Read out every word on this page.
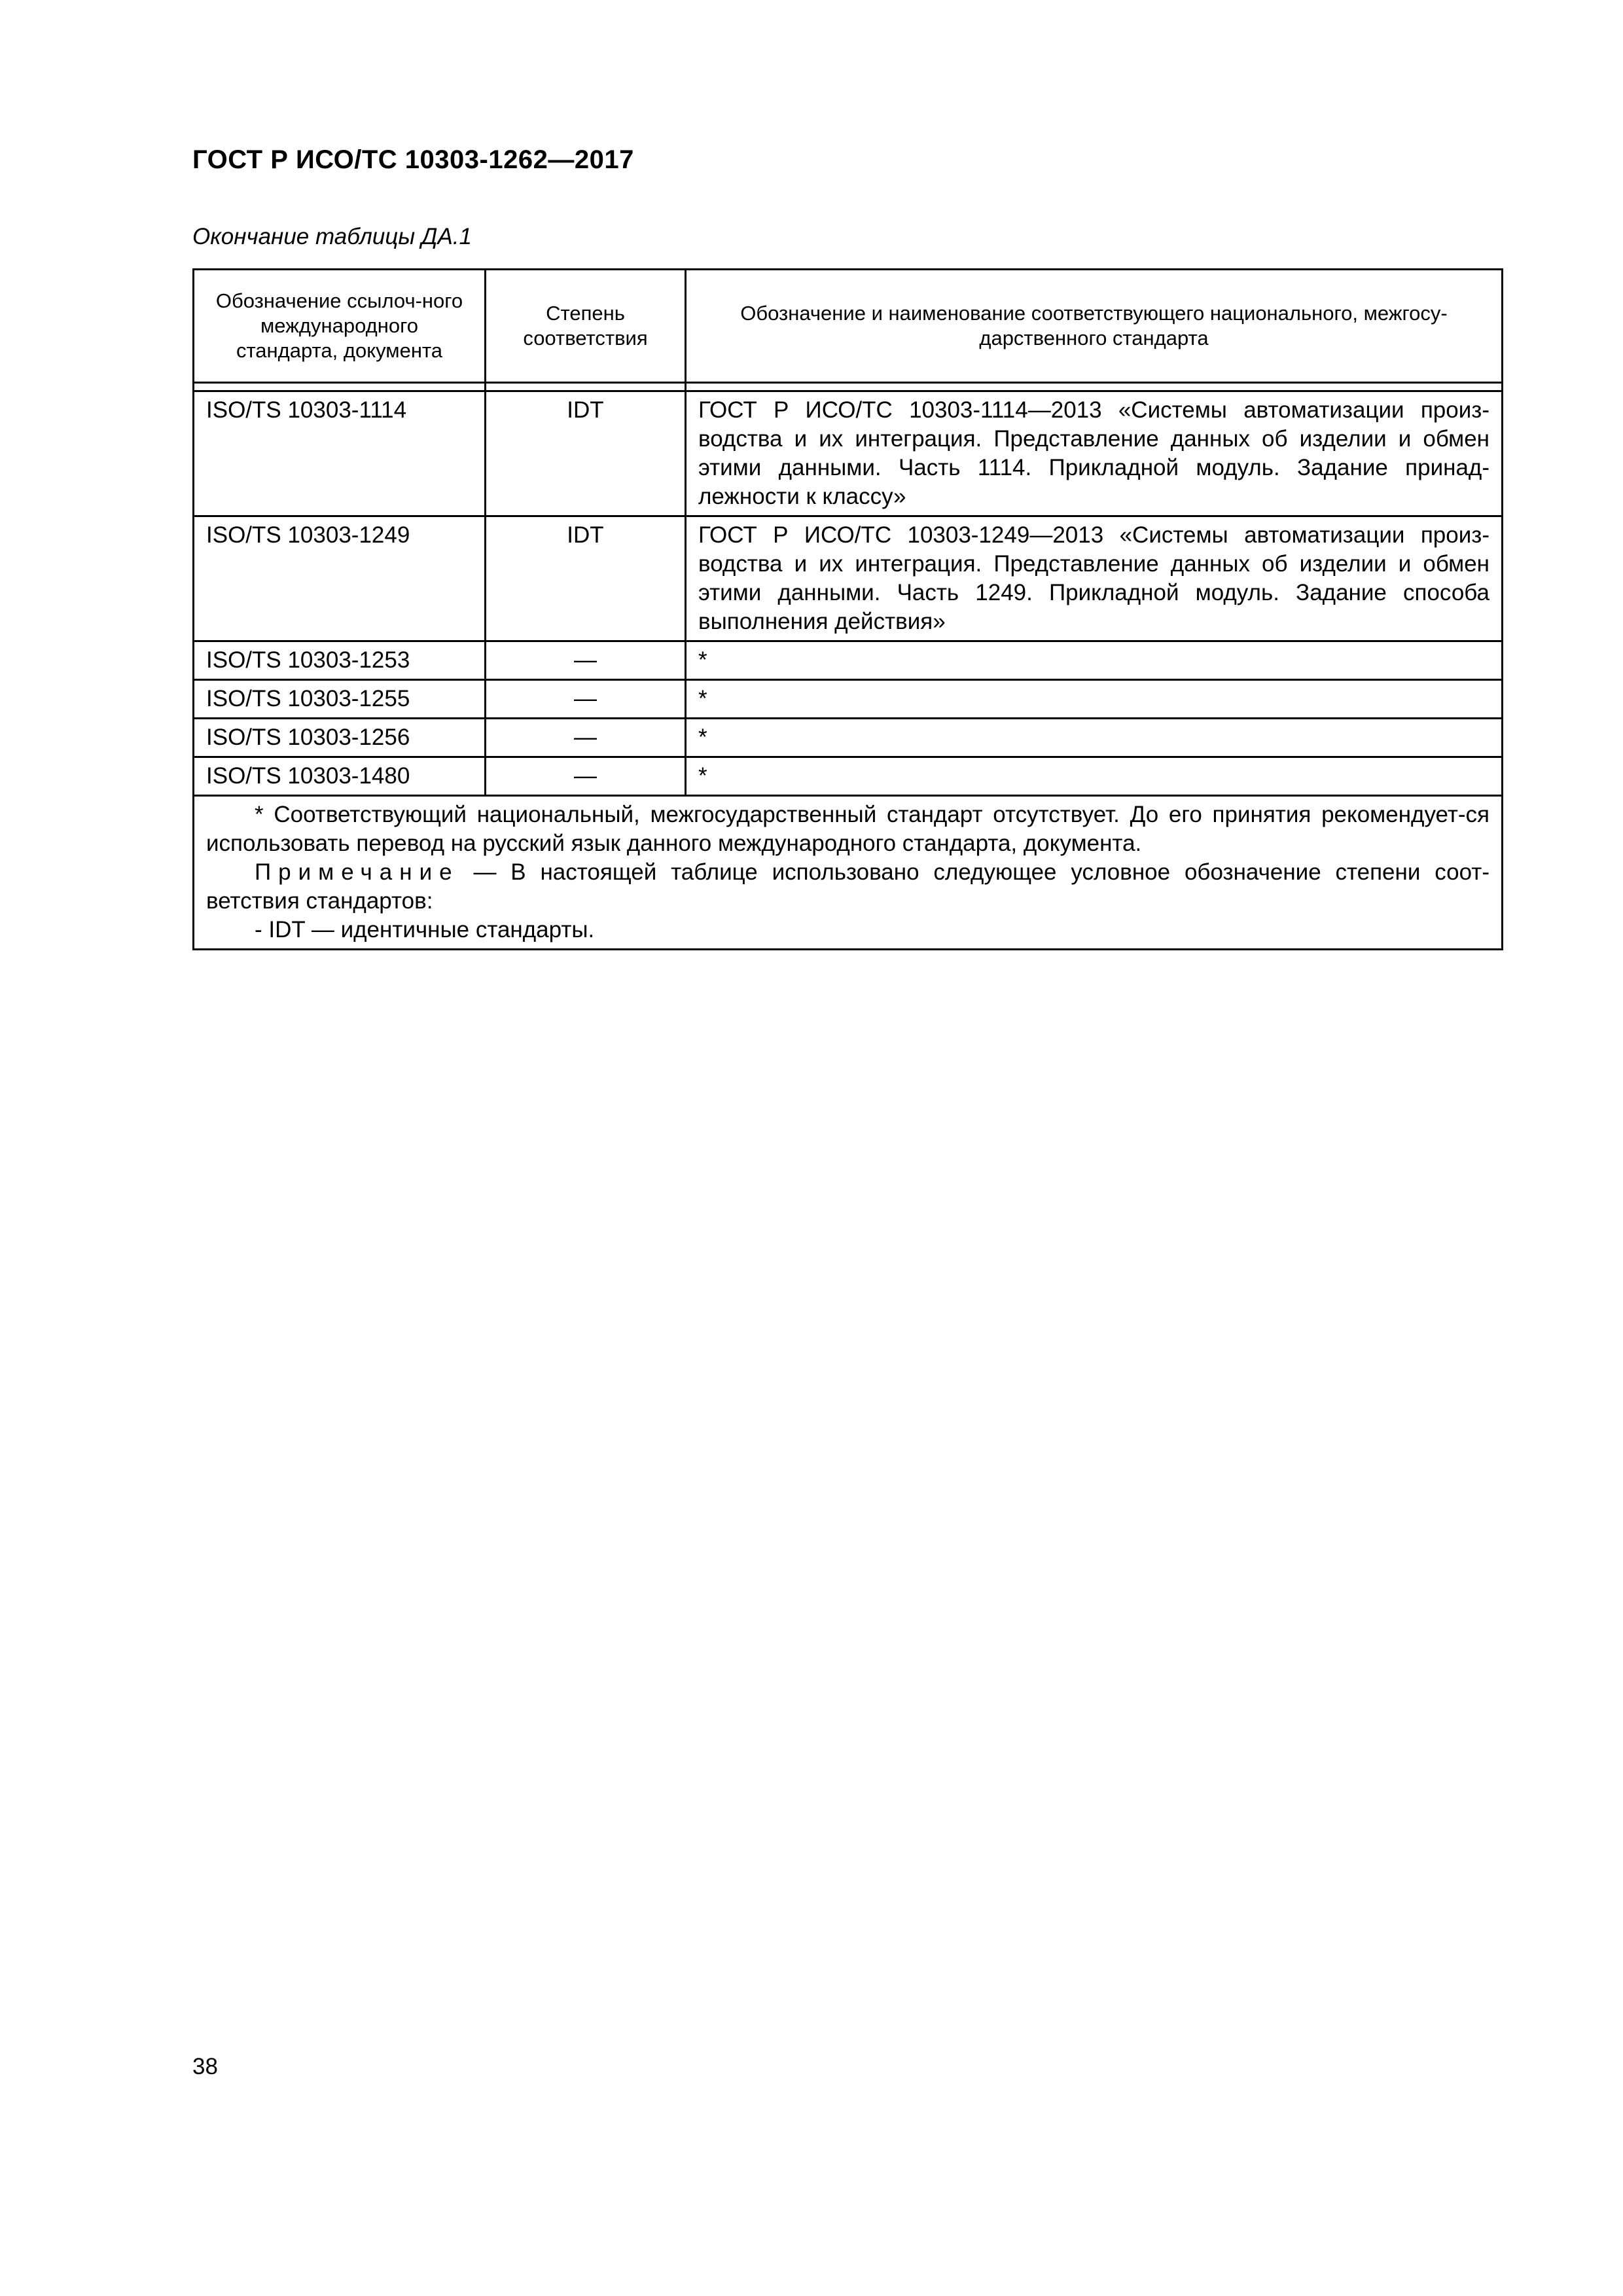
ГОСТ Р ИСО/ТС 10303-1262—2017
Окончание таблицы ДА.1
Обозначение ссылоч-ного международного стандарта, документа	Степень соответствия	Обозначение и наименование соответствующего национального, межгосу-дарственного стандарта

ISO/TS 10303-1114	IDT	ГОСТ Р ИСО/ТС 10303-1114—2013 «Системы автоматизации произ-водства и их интеграция. Представление данных об изделии и обмен этими данными. Часть 1114. Прикладной модуль. Задание принад-лежности к классу»
ISO/TS 10303-1249	IDT	ГОСТ Р ИСО/ТС 10303-1249—2013 «Системы автоматизации произ-водства и их интеграция. Представление данных об изделии и обмен этими данными. Часть 1249. Прикладной модуль. Задание способа выполнения действия»
ISO/TS 10303-1253	—	*
ISO/TS 10303-1255	—	*
ISO/TS 10303-1256	—	*
ISO/TS 10303-1480	—	*

* Соответствующий национальный, межгосударственный стандарт отсутствует. До его принятия рекомендует-ся использовать перевод на русский язык данного международного стандарта, документа.
Примечание — В настоящей таблице использовано следующее условное обозначение степени соот-ветствия стандартов:
- IDT — идентичные стандарты.		
38
